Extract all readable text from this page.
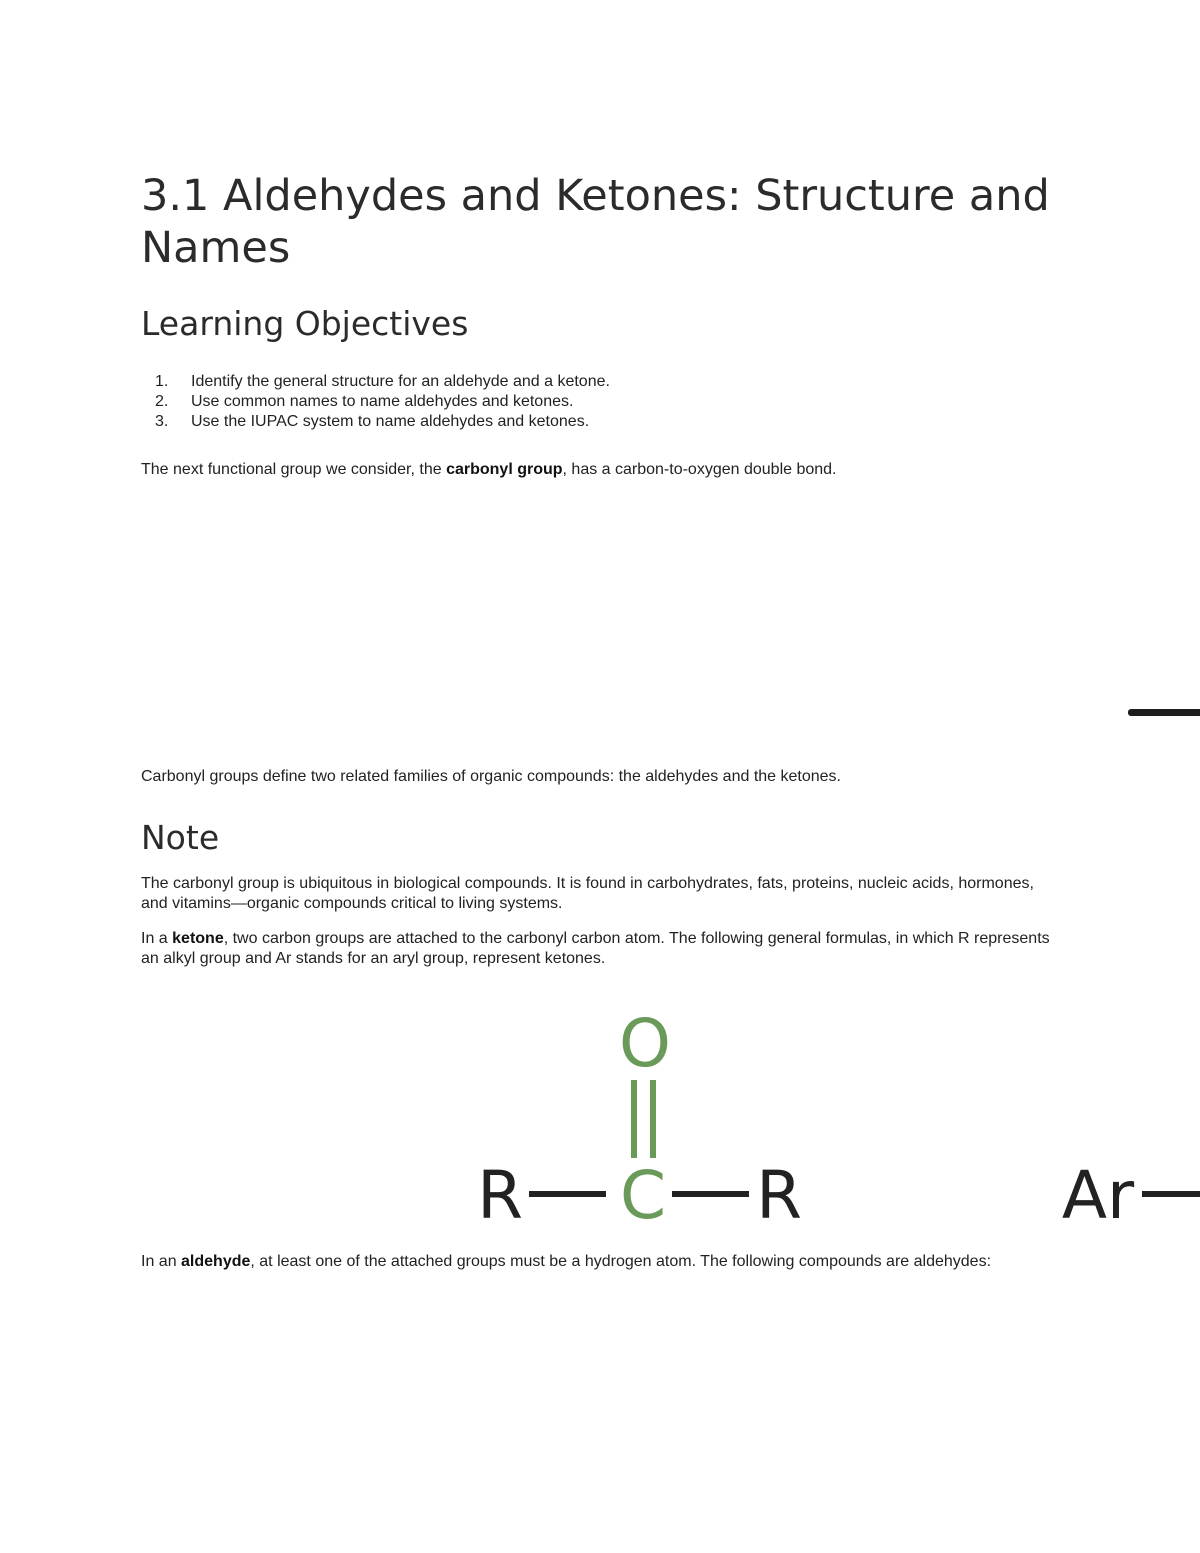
3.1 Aldehydes and Ketones: Structure and Names
Learning Objectives
1. Identify the general structure for an aldehyde and a ketone.
2. Use common names to name aldehydes and ketones.
3. Use the IUPAC system to name aldehydes and ketones.

The next functional group we consider, the carbonyl group, has a carbon-to-oxygen double bond.

Carbonyl groups define two related families of organic compounds: the aldehydes and the ketones.

Note

The carbonyl group is ubiquitous in biological compounds. It is found in carbohydrates, fats, proteins, nucleic acids, hormones, and vitamins—organic compounds critical to living systems.

In a ketone, two carbon groups are attached to the carbonyl carbon atom. The following general formulas, in which R represents an alkyl group and Ar stands for an aryl group, represent ketones.

O
R C R	Ar

In an aldehyde, at least one of the attached groups must be a hydrogen atom. The following compounds are aldehydes:
